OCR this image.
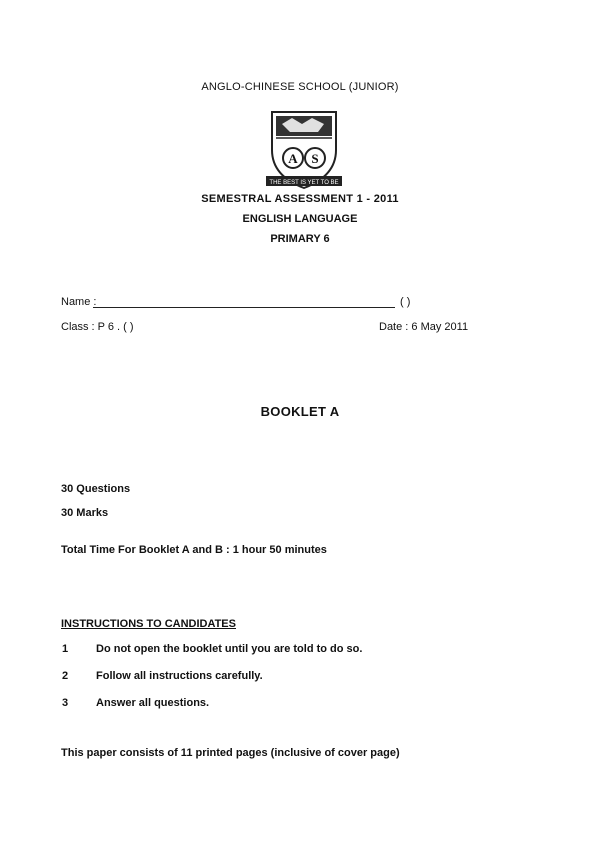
ANGLO-CHINESE SCHOOL (JUNIOR)
A S
THE BEST IS YET TO BE
SEMESTRAL ASSESSMENT 1 - 2011
ENGLISH LANGUAGE
PRIMARY 6
Name :	( )
Class : P 6 . ( )	Date : 6 May 2011
BOOKLET A
30 Questions
30 Marks
Total Time For Booklet A and B : 1 hour 50 minutes
INSTRUCTIONS TO CANDIDATES
1	Do not open the booklet until you are told to do so.
2	Follow all instructions carefully.
3	Answer all questions.
This paper consists of 11 printed pages (inclusive of cover page)
